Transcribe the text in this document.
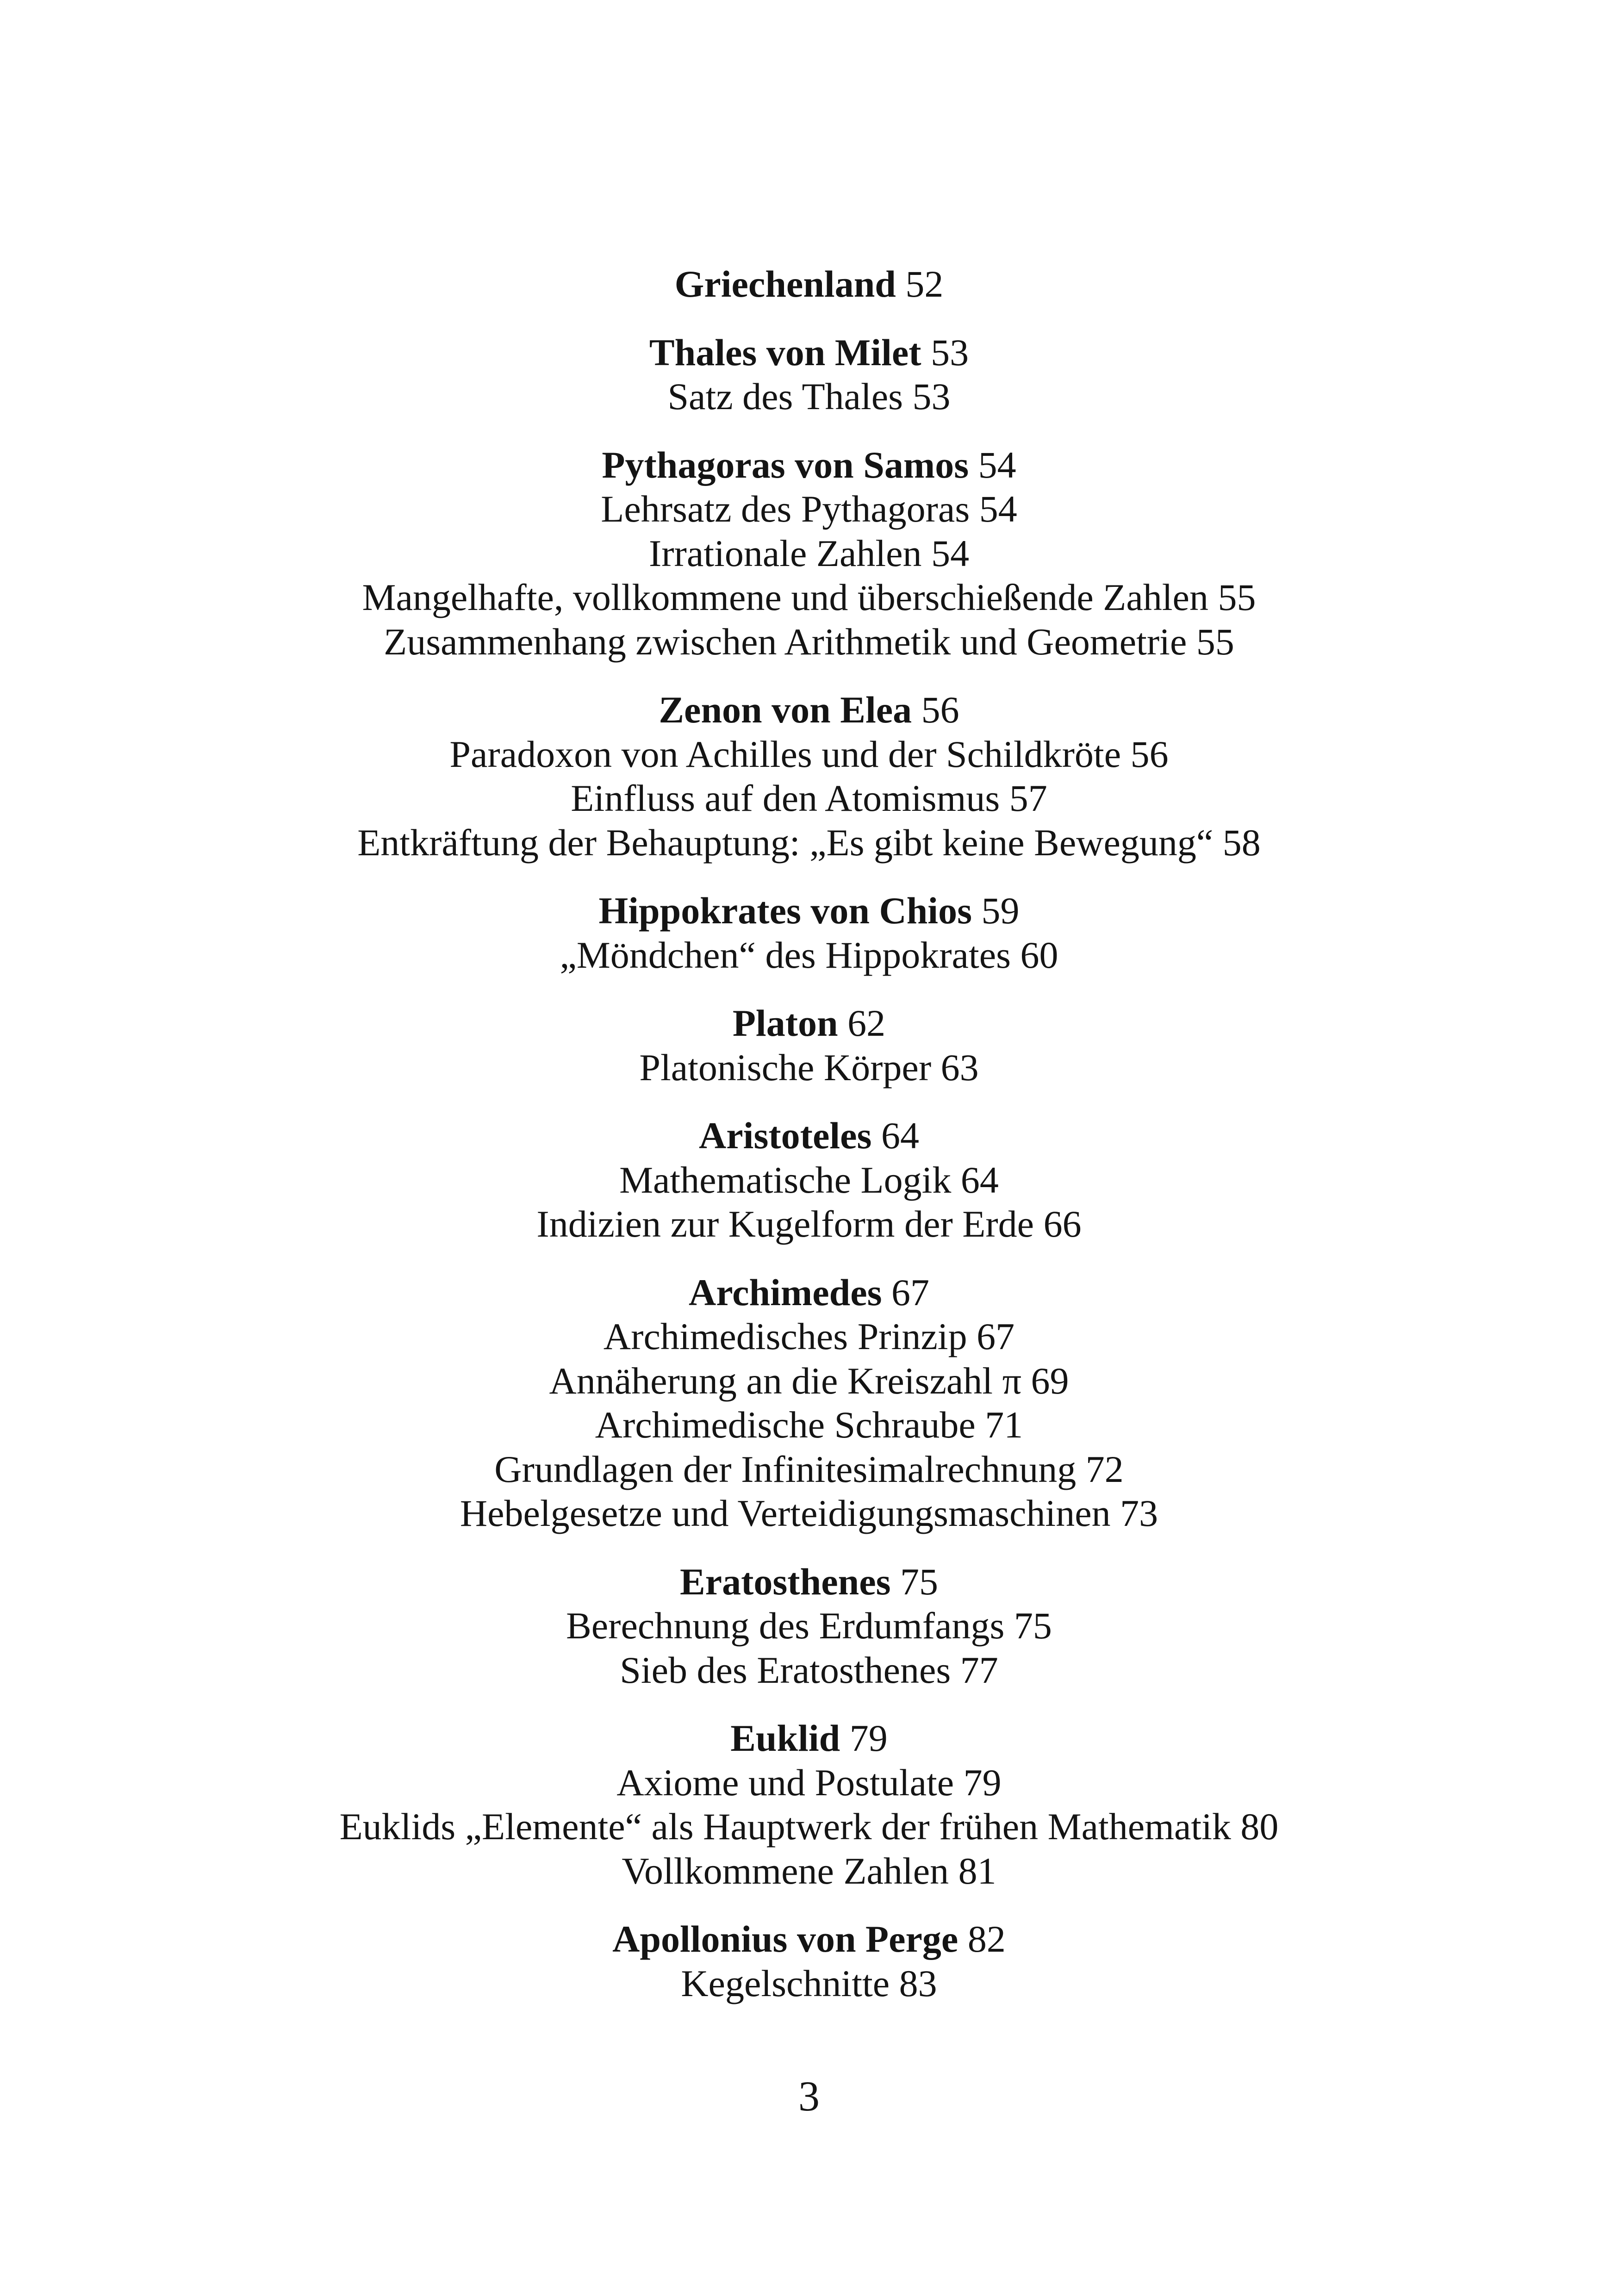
Griechenland 52
Thales von Milet 53
Satz des Thales 53
Pythagoras von Samos 54
Lehrsatz des Pythagoras 54
Irrationale Zahlen 54
Mangelhafte, vollkommene und überschießende Zahlen 55
Zusammenhang zwischen Arithmetik und Geometrie 55
Zenon von Elea 56
Paradoxon von Achilles und der Schildkröte 56
Einfluss auf den Atomismus 57
Entkräftung der Behauptung: „Es gibt keine Bewegung“ 58
Hippokrates von Chios 59
„Möndchen“ des Hippokrates 60
Platon 62
Platonische Körper 63
Aristoteles 64
Mathematische Logik 64
Indizien zur Kugelform der Erde 66
Archimedes 67
Archimedisches Prinzip 67
Annäherung an die Kreiszahl π 69
Archimedische Schraube 71
Grundlagen der Infinitesimalrechnung 72
Hebelgesetze und Verteidigungsmaschinen 73
Eratosthenes 75
Berechnung des Erdumfangs 75
Sieb des Eratosthenes 77
Euklid 79
Axiome und Postulate 79
Euklids „Elemente“ als Hauptwerk der frühen Mathematik 80
Vollkommene Zahlen 81
Apollonius von Perge 82
Kegelschnitte 83
3
